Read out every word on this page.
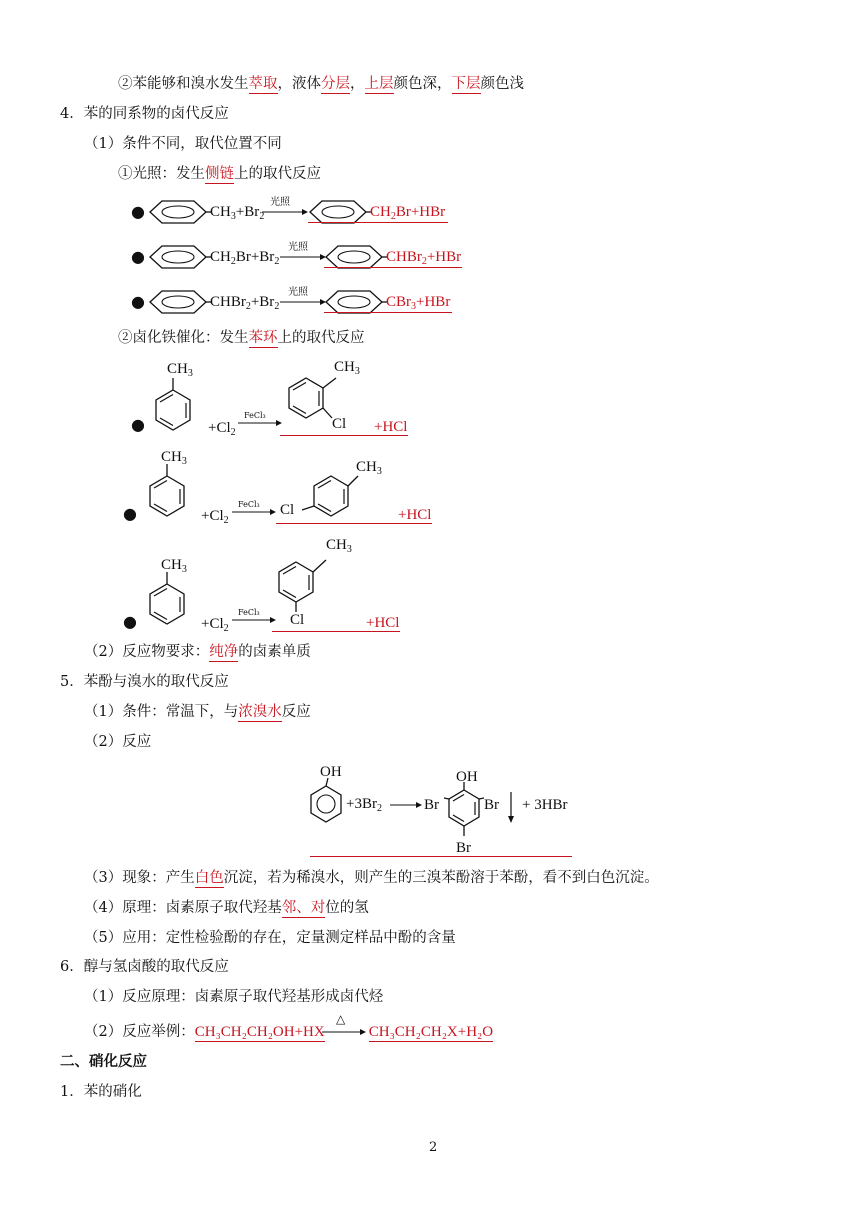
②苯能够和溴水发生萃取，液体分层，上层颜色深，下层颜色浅
4．苯的同系物的卤代反应
（1）条件不同，取代位置不同
①光照：发生侧链上的取代反应
●	$CH_3+Br_2$
光照
$CH_2Br+HBr$
●	$CH_2Br+Br_2$
光照
CHBr$_2$+HBr
●	$CHBr_2+Br_2$
光照
CBr$_3$+HBr
②卤化铁催化：发生苯环上的取代反应
●
$CH_3$
$+Cl_2$
FeCl₃
$CH_3$
Cl +HCl
●
$CH_3$
$+Cl_2$
FeCl₃ Cl
$CH_3$
+HCl
●
$CH_3$
$+Cl_2$
FeCl₃
$CH_3$
Cl	+HCl
（2）反应物要求：纯净的卤素单质
5．苯酚与溴水的取代反应
（1）条件：常温下，与浓溴水反应
（2）反应
OH
$+3Br_2$	Br
OH
Br
Br
+ 3HBr
（3）现象：产生白色沉淀，若为稀溴水，则产生的三溴苯酚溶于苯酚，看不到白色沉淀。
（4）原理：卤素原子取代羟基邻、对位的氢
（5）应用：定性检验酚的存在，定量测定样品中酚的含量
6．醇与氢卤酸的取代反应
（1）反应原理：卤素原子取代羟基形成卤代烃
（2）反应举例：CH₃CH₂CH₂OH+HX	CH₃CH₂CH₂X+H₂O
△
二、硝化反应
1．苯的硝化
2
